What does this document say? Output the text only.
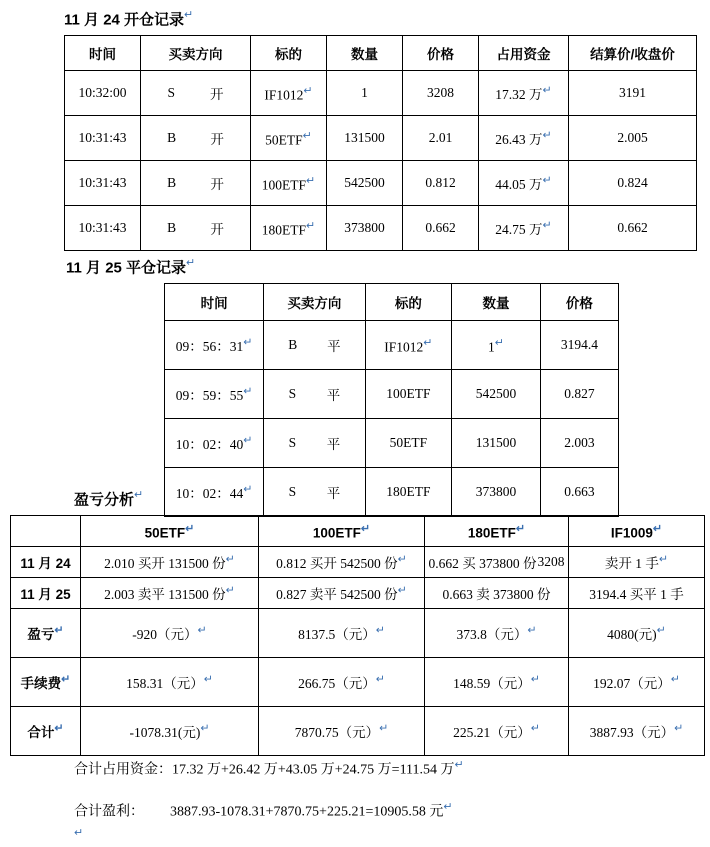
11 月 24 开仓记录↵
时间	买卖方向	标的	数量	价格	占用资金	结算价/收盘价
10:32:00	S 开	IF1012↵	1	3208	17.32 万↵	3191
10:31:43	B 开	50ETF↵	131500	2.01	26.43 万↵	2.005
10:31:43	B 开	100ETF↵	542500	0.812	44.05 万↵	0.824
10:31:43	B 开	180ETF↵	373800	0.662	24.75 万↵	0.662
11 月 25 平仓记录↵
时间	买卖方向	标的	数量	价格
09：56：31↵	B 平	IF1012↵	1↵	3194.4
09：59：55↵	S 平	100ETF	542500	0.827
10：02：40↵	S 平	50ETF	131500	2.003
10：02：44↵	S 平	180ETF	373800	0.663
盈亏分析↵
	50ETF↵	100ETF↵	180ETF↵	IF1009↵
11 月 24	2.010 买开 131500 份↵	0.812 买开 542500 份↵	0.662 买 373800 份 3208	卖开 1 手↵
11 月 25	2.003 卖平 131500 份↵	0.827 卖平 542500 份↵	0.663 卖 373800 份	3194.4 买平 1 手
盈亏↵	-920（元）↵	8137.5（元）↵	373.8（元）↵	4080(元)↵
手续费↵	158.31（元）↵	266.75（元）↵	148.59（元）↵	192.07（元）↵
合计↵	-1078.31(元)↵	7870.75（元）↵	225.21（元）↵	3887.93（元）↵
合计占用资金：17.32 万+26.42 万+43.05 万+24.75 万=111.54 万↵
合计盈利： 3887.93-1078.31+7870.75+225.21=10905.58 元↵
↵
